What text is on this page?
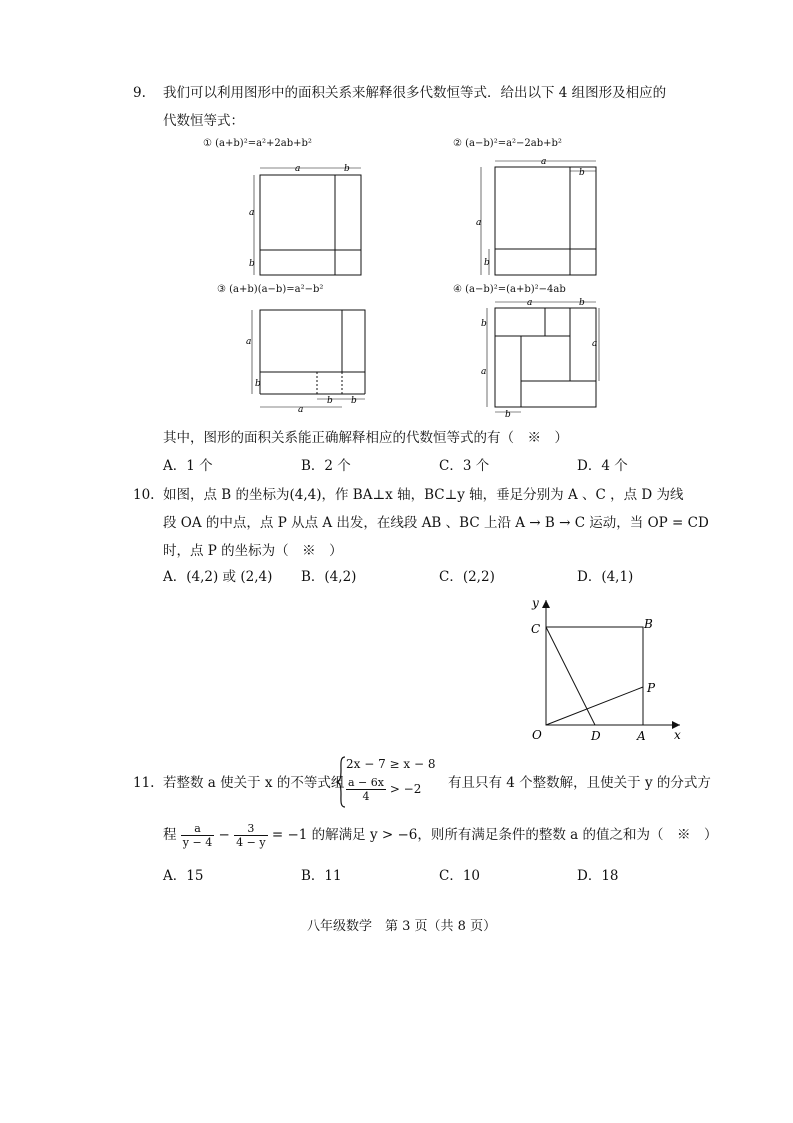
9. 我们可以利用图形中的面积关系来解释很多代数恒等式．给出以下 4 组图形及相应的
代数恒等式：
① (a+b)²=a²+2ab+b²	② (a−b)²=a²−2ab+b²
③ (a+b)(a−b)=a²−b²	④ (a−b)²=(a+b)²−4ab
a	b
a
b
a
b
a
b
a
b
a
b b
a	b
b
a
a
b
其中，图形的面积关系能正确解释相应的代数恒等式的有（　※　）
A．1 个	B．2 个	C．3 个	D．4 个
10. 如图，点 B 的坐标为(4,4)，作 BA⊥x 轴，BC⊥y 轴，垂足分别为 A 、C ，点 D 为线
段 OA 的中点，点 P 从点 A 出发，在线段 AB 、BC 上沿 A → B → C 运动，当 OP = CD
时，点 P 的坐标为（　※　）
A．(4,2) 或 (2,4) B．(4,2)	C．(2,2)	D．(4,1)
y
x
C	B
P
O	D	A
11. 若整数 a 使关于 x 的不等式组
2x − 7 ≥ x − 8
$\frac{a - 6x}{4} > -2$ 有且只有 4 个整数解，且使关于 y 的分式方
程 $\frac{a}{y - 4} - \frac{3}{4 - y} = -1$ 的解满足 y > −6，则所有满足条件的整数 a 的值之和为（　※　）
A．15	B．11	C．10	D．18
八年级数学　第 3 页（共 8 页）
